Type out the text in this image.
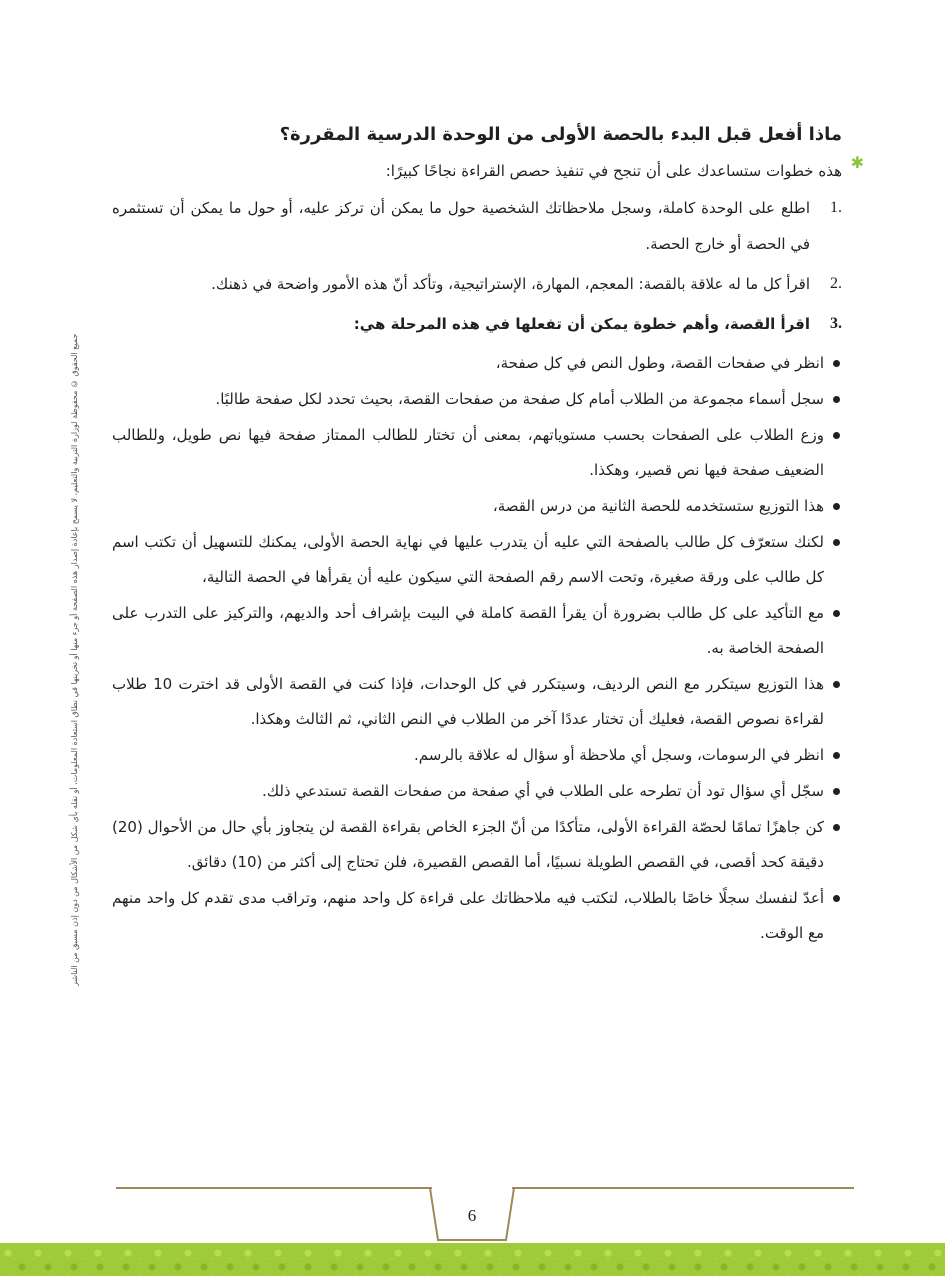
ماذا أفعل قبل البدء بالحصة الأولى من الوحدة الدرسية المقررة؟

✱
هذه خطوات ستساعدك على أن تنجح في تنفيذ حصص القراءة نجاحًا كبيرًا:

.1
اطلع على الوحدة كاملة، وسجل ملاحظاتك الشخصية حول ما يمكن أن تركز عليه، أو حول ما يمكن أن تستثمره في الحصة أو خارج الحصة.
.2
اقرأ كل ما له علاقة بالقصة: المعجم، المهارة، الإستراتيجية، وتأكد أنّ هذه الأمور واضحة في ذهنك.
.3
اقرأ القصة، وأهم خطوة يمكن أن تفعلها في هذه المرحلة هي:
انظر في صفحات القصة، وطول النص في كل صفحة،
سجل أسماء مجموعة من الطلاب أمام كل صفحة من صفحات القصة، بحيث تحدد لكل صفحة طالبًا.
وزع الطلاب على الصفحات بحسب مستوياتهم، بمعنى أن تختار للطالب الممتاز صفحة فيها نص طويل، وللطالب الضعيف صفحة فيها نص قصير، وهكذا.
هذا التوزيع ستستخدمه للحصة الثانية من درس القصة،
لكنك ستعرّف كل طالب بالصفحة التي عليه أن يتدرب عليها في نهاية الحصة الأولى، يمكنك للتسهيل أن تكتب اسم كل طالب على ورقة صغيرة، وتحت الاسم رقم الصفحة التي سيكون عليه أن يقرأها في الحصة التالية،
مع التأكيد على كل طالب بضرورة أن يقرأ القصة كاملة في البيت بإشراف أحد والديهم، والتركيز على التدرب على الصفحة الخاصة به.
هذا التوزيع سيتكرر مع النص الرديف، وسيتكرر في كل الوحدات، فإذا كنت في القصة الأولى قد اخترت 10 طلاب لقراءة نصوص القصة، فعليك أن تختار عددًا آخر من الطلاب في النص الثاني، ثم الثالث وهكذا.
انظر في الرسومات، وسجل أي ملاحظة أو سؤال له علاقة بالرسم.
سجّل أي سؤال تود أن تطرحه على الطلاب في أي صفحة من صفحات القصة تستدعي ذلك.
كن جاهزًا تمامًا لحصّة القراءة الأولى، متأكدًا من أنّ الجزء الخاص بقراءة القصة لن يتجاوز بأي حال من الأحوال (20) دقيقة كحد أقصى، في القصص الطويلة نسبيًا، أما القصص القصيرة، فلن تحتاج إلى أكثر من (10) دقائق.
أعدّ لنفسك سجلًا خاصًا بالطلاب، لتكتب فيه ملاحظاتك على قراءة كل واحد منهم، وتراقب مدى تقدم كل واحد منهم مع الوقت.
جميع الحقوق © محفوظة لوزارة التربية والتعليم، لا يسمح بإعادة إصدار هذه الصفحة أو جزء منها أو تخزينها في نطاق استعادة المعلومات، أو نقله بأي شكل من الأشكال من دون إذن مسبق من الناشر
6
